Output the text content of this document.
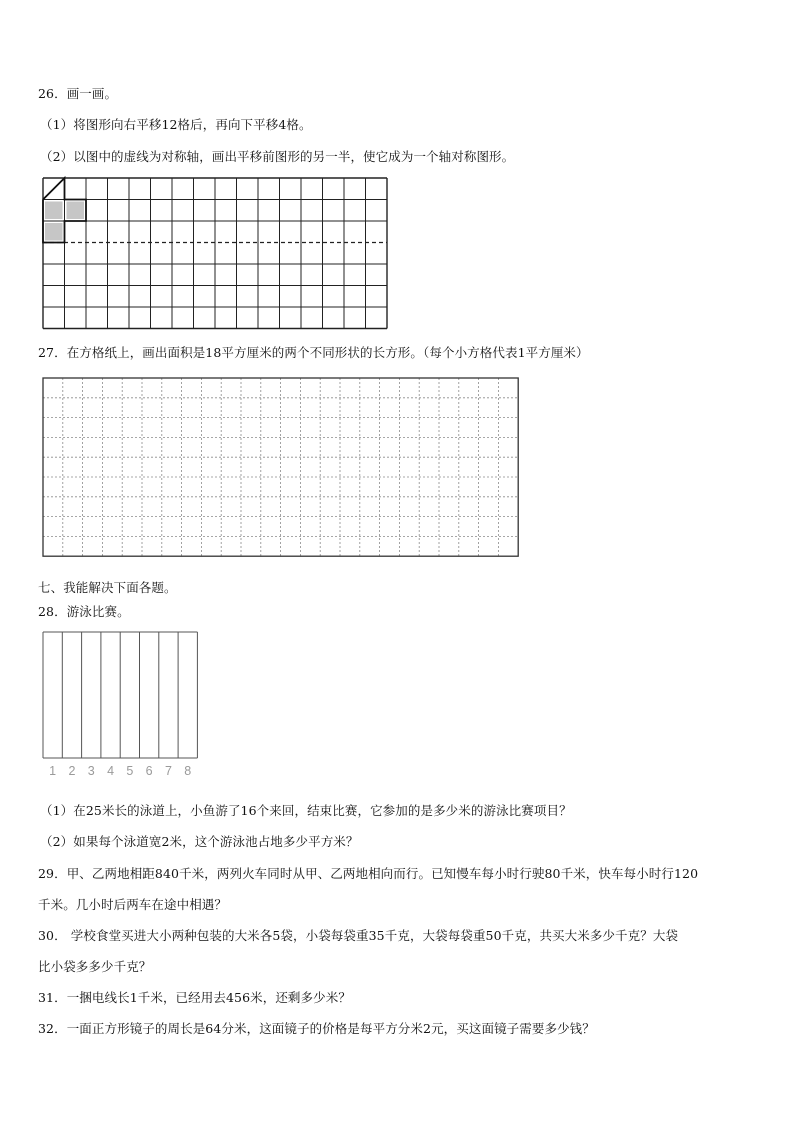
26．画一画。
（1）将图形向右平移12格后，再向下平移4格。
（2）以图中的虚线为对称轴，画出平移前图形的另一半，使它成为一个轴对称图形。
27．在方格纸上，画出面积是18平方厘米的两个不同形状的长方形。（每个小方格代表1平方厘米）
七、我能解决下面各题。
28．游泳比赛。
1 2 3 4 5 6 7 8
（1）在25米长的泳道上，小鱼游了16个来回，结束比赛，它参加的是多少米的游泳比赛项目？
（2）如果每个泳道宽2米，这个游泳池占地多少平方米？
29．甲、乙两地相距840千米，两列火车同时从甲、乙两地相向而行。已知慢车每小时行驶80千米，快车每小时行120
千米。几小时后两车在途中相遇？
30． 学校食堂买进大小两种包装的大米各5袋，小袋每袋重35千克，大袋每袋重50千克，共买大米多少千克？大袋
比小袋多多少千克？
31．一捆电线长1千米，已经用去456米，还剩多少米？
32．一面正方形镜子的周长是64分米，这面镜子的价格是每平方分米2元，买这面镜子需要多少钱？
